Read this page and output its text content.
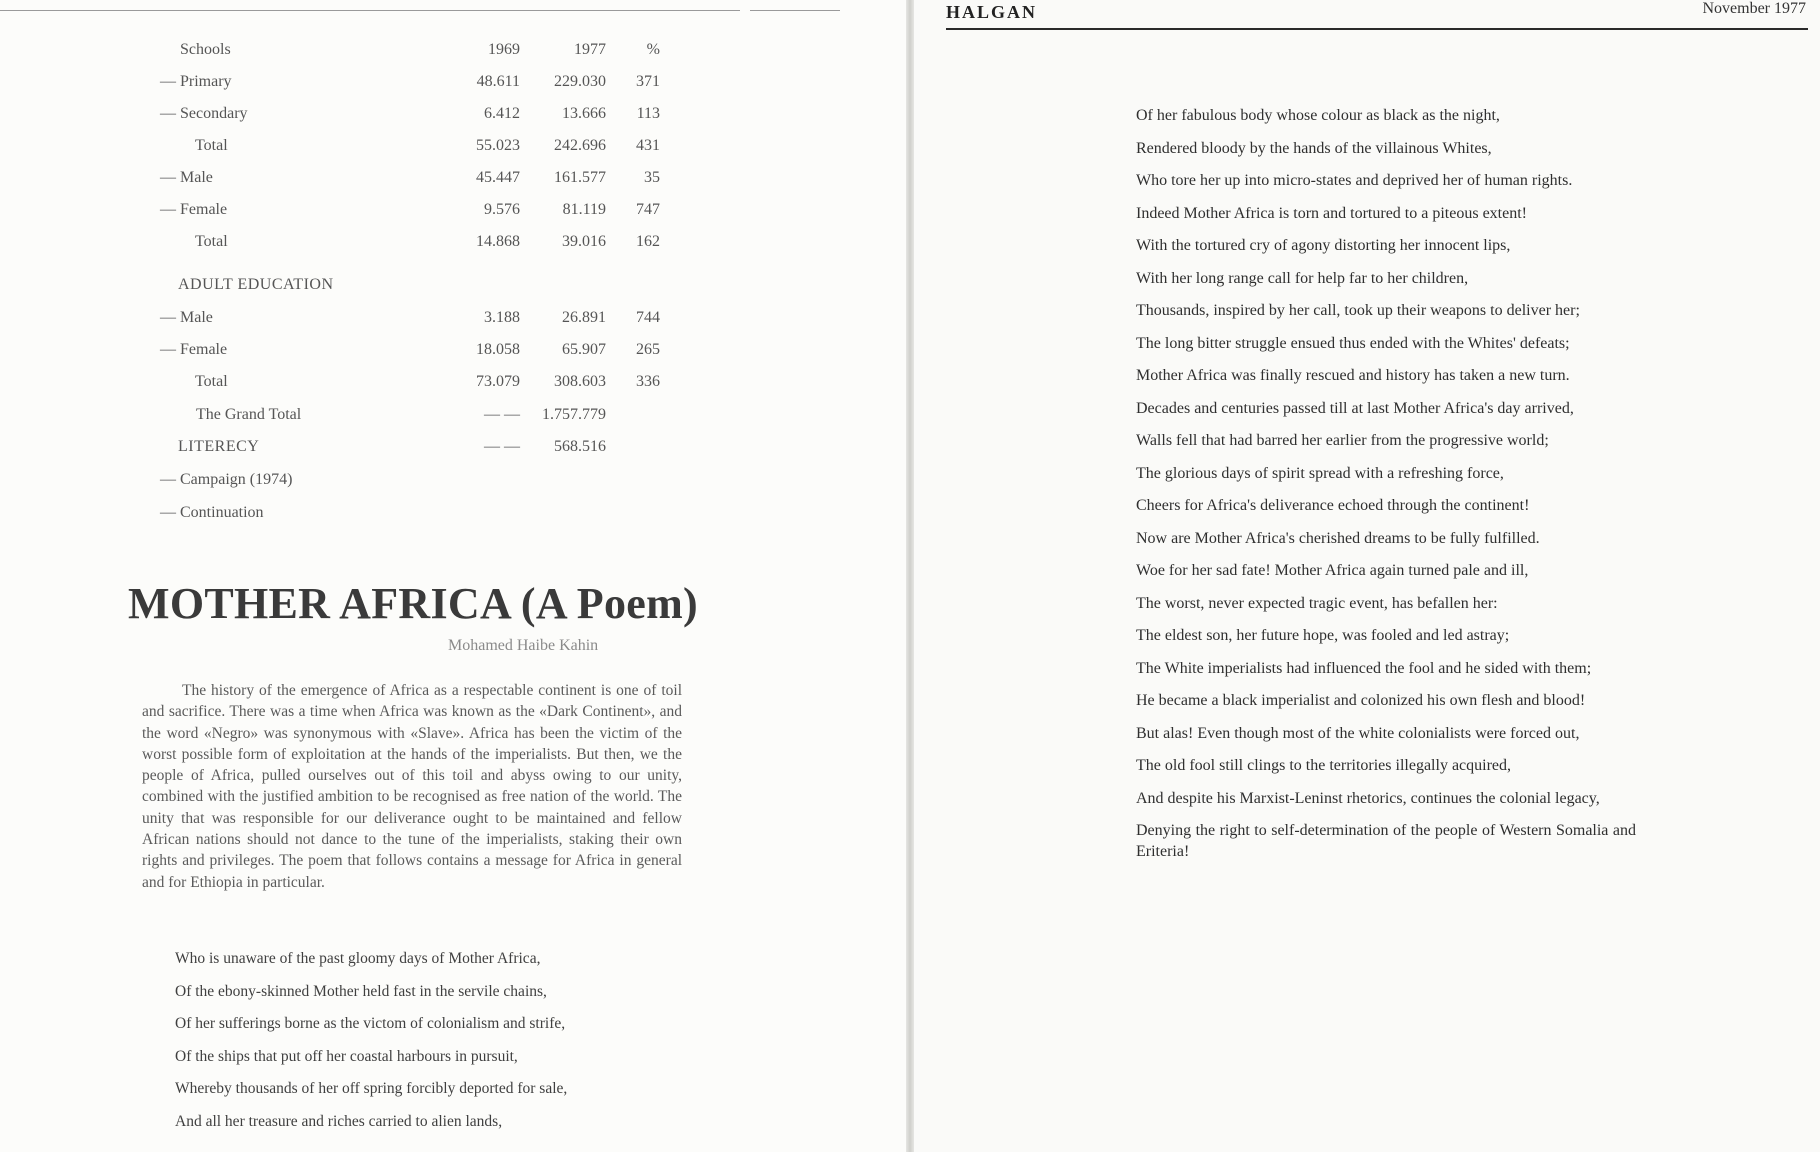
Schools	1969	1977	%
— Primary	48.611	229.030	371
— Secondary	6.412	13.666	113
Total	55.023	242.696	431
— Male	45.447	161.577	35
— Female	9.576	81.119	747
Total	14.868	39.016	162
ADULT EDUCATION
— Male	3.188	26.891	744
— Female	18.058	65.907	265
Total	73.079	308.603	336
The Grand Total	— —	1.757.779
LITERECY	— —	568.516
— Campaign (1974)
— Continuation
MOTHER AFRICA (A Poem)
Mohamed Haibe Kahin
The history of the emergence of Africa as a respectable continent is one of toil and sacrifice. There was a time when Africa was known as the «Dark Continent», and the word «Negro» was synonymous with «Slave». Africa has been the victim of the worst possible form of exploitation at the hands of the imperialists. But then, we the people of Africa, pulled ourselves out of this toil and abyss owing to our unity, combined with the justified ambition to be recognised as free nation of the world. The unity that was responsible for our deliverance ought to be maintained and fellow African nations should not dance to the tune of the imperialists, staking their own rights and privileges. The poem that follows contains a message for Africa in general and for Ethiopia in particular.
Who is unaware of the past gloomy days of Mother Africa,
Of the ebony-skinned Mother held fast in the servile chains,
Of her sufferings borne as the victom of colonialism and strife,
Of the ships that put off her coastal harbours in pursuit,
Whereby thousands of her off spring forcibly deported for sale,
And all her treasure and riches carried to alien lands,
HALGAN	November 1977
Of her fabulous body whose colour as black as the night,
Rendered bloody by the hands of the villainous Whites,
Who tore her up into micro-states and deprived her of human rights.
Indeed Mother Africa is torn and tortured to a piteous extent!
With the tortured cry of agony distorting her innocent lips,
With her long range call for help far to her children,
Thousands, inspired by her call, took up their weapons to deliver her;
The long bitter struggle ensued thus ended with the Whites' defeats;
Mother Africa was finally rescued and history has taken a new turn.
Decades and centuries passed till at last Mother Africa's day arrived,
Walls fell that had barred her earlier from the progressive world;
The glorious days of spirit spread with a refreshing force,
Cheers for Africa's deliverance echoed through the continent!
Now are Mother Africa's cherished dreams to be fully fulfilled.
Woe for her sad fate! Mother Africa again turned pale and ill,
The worst, never expected tragic event, has befallen her:
The eldest son, her future hope, was fooled and led astray;
The White imperialists had influenced the fool and he sided with them;
He became a black imperialist and colonized his own flesh and blood!
But alas! Even though most of the white colonialists were forced out,
The old fool still clings to the territories illegally acquired,
And despite his Marxist-Leninst rhetorics, continues the colonial legacy,
Denying the right to self-determination of the people of Western Somalia and Eriteria!
